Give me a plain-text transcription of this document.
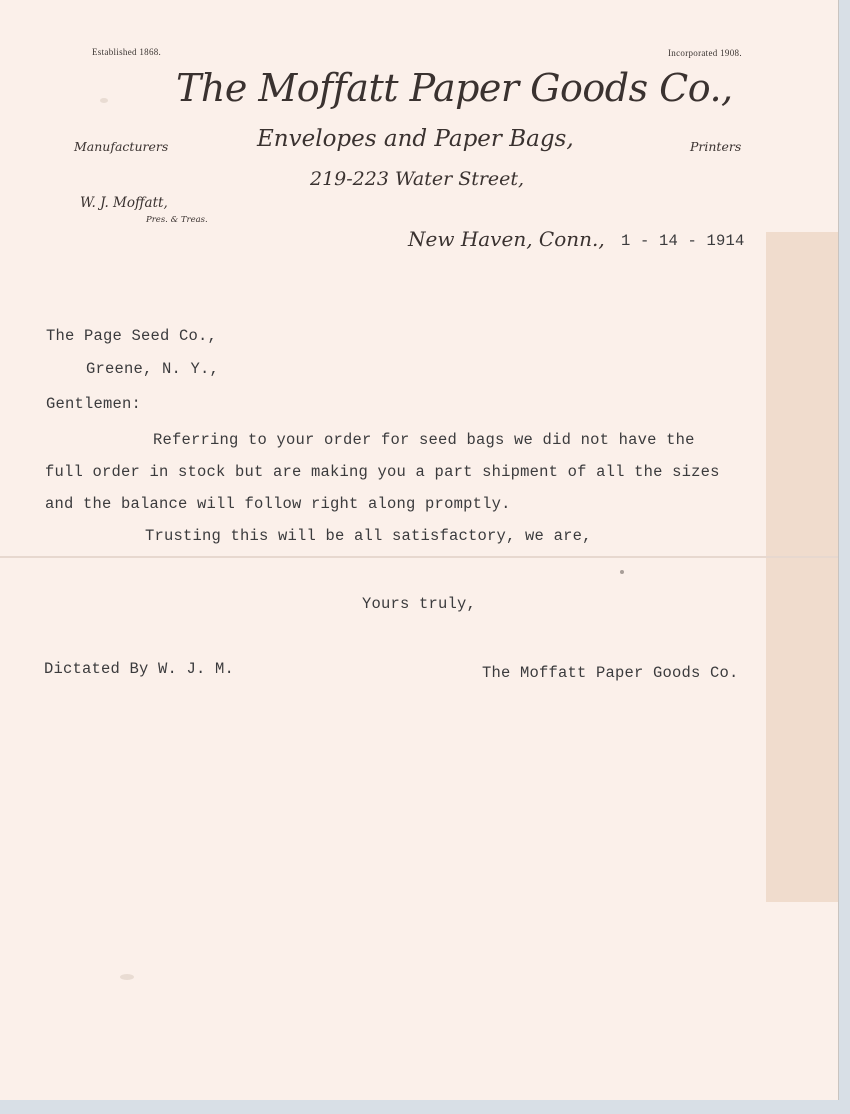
Established 1868.	Incorporated 1908.
The Moffatt Paper Goods Co.,
Manufacturers	Envelopes and Paper Bags,	Printers
219-223 Water Street,
W. J. Moffatt,
Pres. & Treas.
New Haven, Conn., 1 - 14 - 1914
The Page Seed Co.,
Greene, N. Y.,
Gentlemen:
Referring to your order for seed bags we did not have the
full order in stock but are making you a part shipment of all the sizes
and the balance will follow right along promptly.
Trusting this will be all satisfactory, we are,
Yours truly,
Dictated By W. J. M.	The Moffatt Paper Goods Co.
